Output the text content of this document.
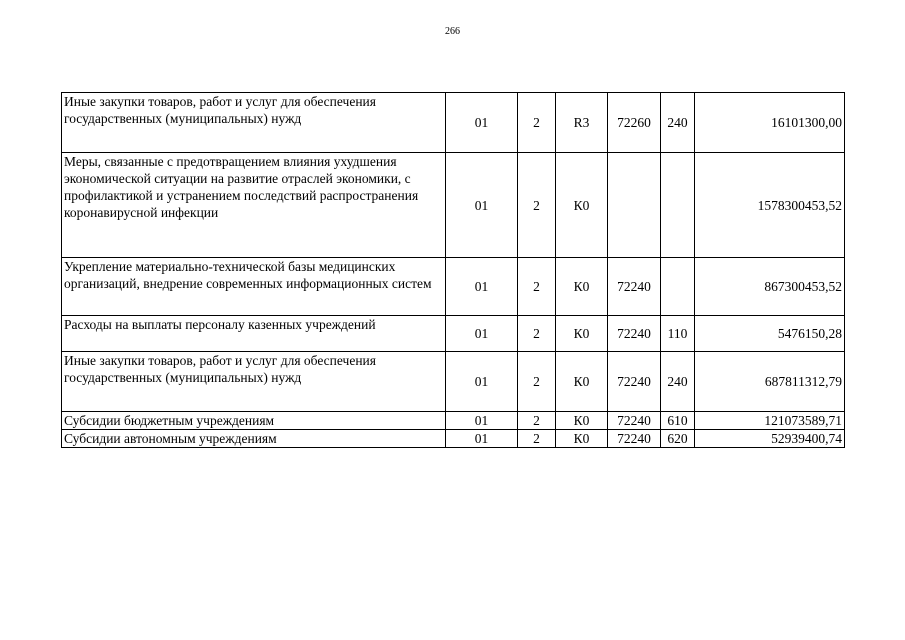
266
Иные закупки товаров, работ и услуг для обеспечения государственных (муниципальных) нужд	01	2	R3	72260	240	16101300,00
Меры, связанные с предотвращением влияния ухудшения экономической ситуации на развитие отраслей экономики, с профилактикой и устранением последствий распространения коронавирусной инфекции	01	2	К0			1578300453,52
Укрепление материально-технической базы медицинских организаций, внедрение современных информационных систем	01	2	К0	72240		867300453,52
Расходы на выплаты персоналу казенных учреждений	01	2	К0	72240	110	5476150,28
Иные закупки товаров, работ и услуг для обеспечения государственных (муниципальных) нужд	01	2	К0	72240	240	687811312,79
Субсидии бюджетным учреждениям	01	2	К0	72240	610	121073589,71
Субсидии автономным учреждениям	01	2	К0	72240	620	52939400,74
